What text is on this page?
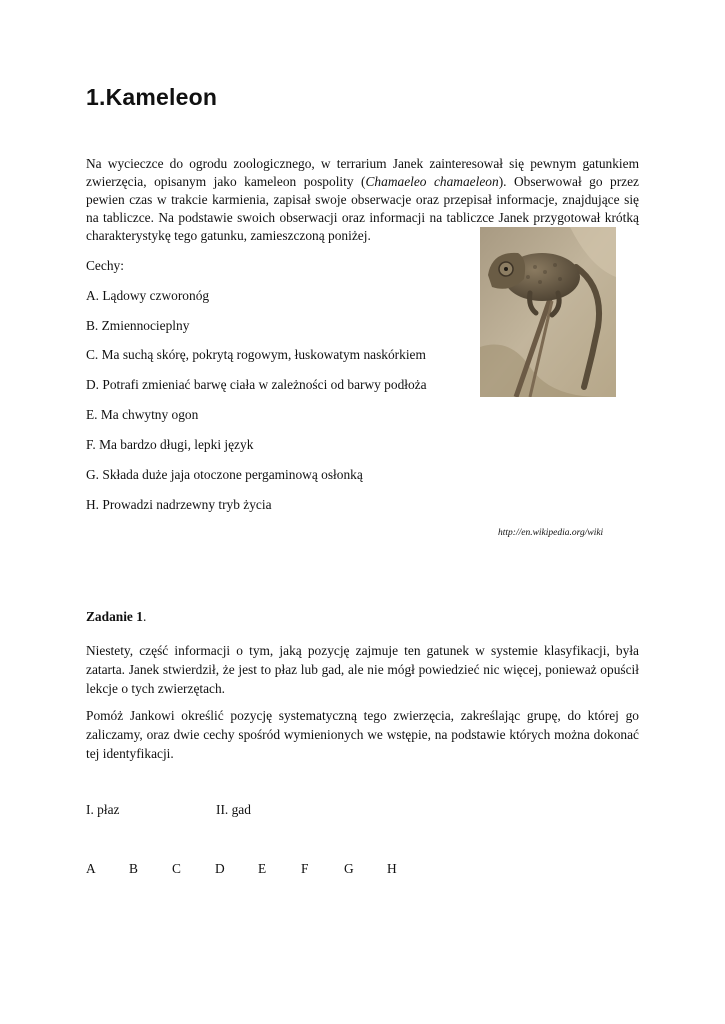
1.Kameleon
Na wycieczce do ogrodu zoologicznego, w terrarium Janek zainteresował się pewnym gatunkiem
zwierzęcia, opisanym jako kameleon pospolity (Chamaeleo chamaeleon). Obserwował go przez
pewien czas w trakcie karmienia, zapisał swoje obserwacje oraz przepisał informacje, znajdujące się
na tabliczce. Na podstawie swoich obserwacji oraz informacji na tabliczce Janek przygotował krótką
charakterystykę tego gatunku, zamieszczoną poniżej.

Cechy:

A. Lądowy czworonóg

B. Zmiennocieplny

C. Ma suchą skórę, pokrytą rogowym, łuskowatym naskórkiem

D. Potrafi zmieniać barwę ciała w zależności od barwy podłoża

E. Ma chwytny ogon

F. Ma bardzo długi, lepki język

G. Składa duże jaja otoczone pergaminową osłonką

H. Prowadzi nadrzewny tryb życia

http://en.wikipedia.org/wiki

Zadanie 1.

Niestety, część informacji o tym, jaką pozycję zajmuje ten gatunek w systemie klasyfikacji, była zatarta. Janek stwierdził, że jest to płaz lub gad, ale nie mógł powiedzieć nic więcej, ponieważ opuścił lekcje o tych zwierzętach.

Pomóż Jankowi określić pozycję systematyczną tego zwierzęcia, zakreślając grupę, do której go zaliczamy, oraz dwie cechy spośród wymienionych we wstępie, na podstawie których można dokonać tej identyfikacji.

I. płaz	II. gad

A B	C	D E	F	G H
